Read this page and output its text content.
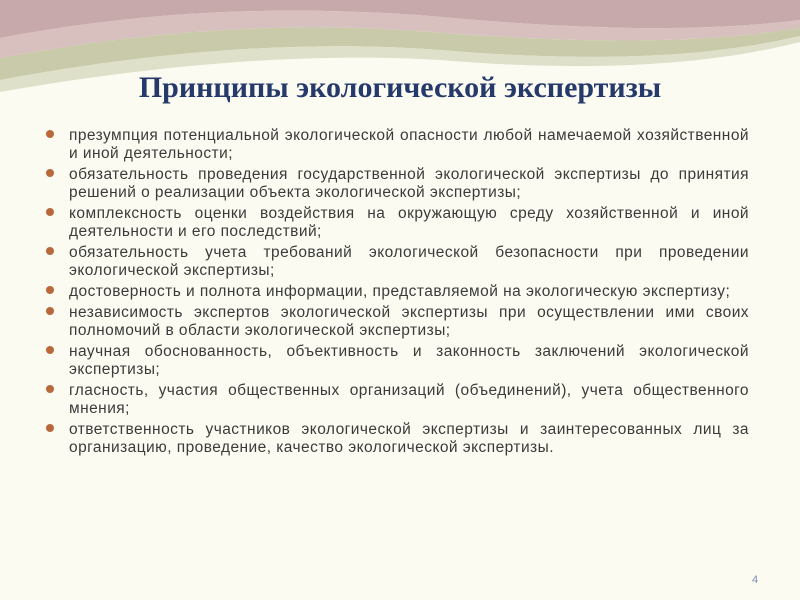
Принципы экологической экспертизы
презумпция потенциальной экологической опасности любой намечаемой хозяйственной и иной деятельности;
обязательность проведения государственной экологической экспертизы до принятия решений о реализации объекта экологической экспертизы;
комплексность оценки воздействия на окружающую среду хозяйственной и иной деятельности и его последствий;
обязательность учета требований экологической безопасности при проведении экологической экспертизы;
достоверность и полнота информации, представляемой на экологическую экспертизу;
независимость экспертов экологической экспертизы при осуществлении ими своих полномочий в области экологической экспертизы;
научная обоснованность, объективность и законность заключений экологической экспертизы;
гласность, участия общественных организаций (объединений), учета общественного мнения;
ответственность участников экологической экспертизы и заинтересованных лиц за организацию, проведение, качество экологической экспертизы.
4
